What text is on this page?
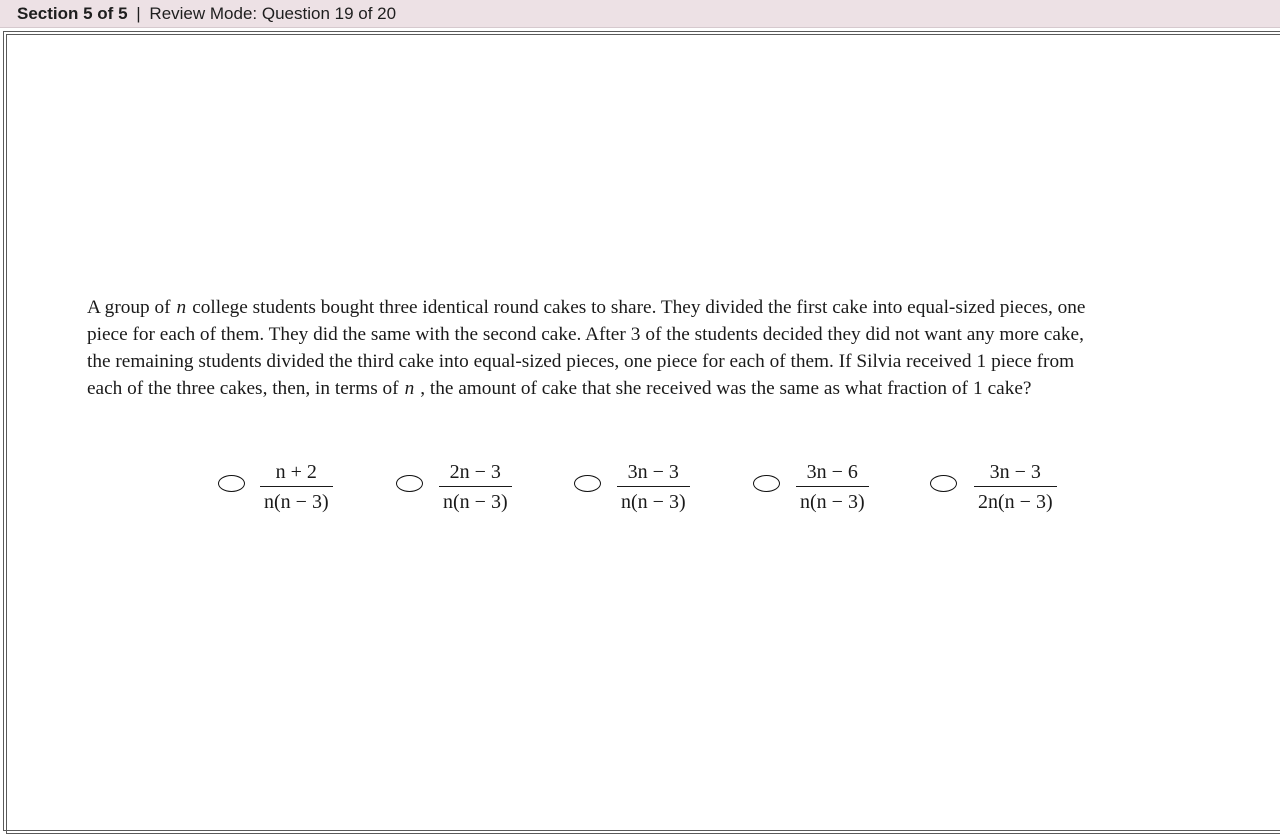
Section 5 of 5 | Review Mode: Question 19 of 20
A group of n college students bought three identical round cakes to share. They divided the first cake into equal-sized pieces, one
piece for each of them. They did the same with the second cake. After 3 of the students decided they did not want any more cake,
the remaining students divided the third cake into equal-sized pieces, one piece for each of them. If Silvia received 1 piece from
each of the three cakes, then, in terms of n , the amount of cake that she received was the same as what fraction of 1 cake?
n + 2
n(n − 3)
2n − 3
n(n − 3)
3n − 3
n(n − 3)
3n − 6
n(n − 3)
3n − 3
2n(n − 3)
